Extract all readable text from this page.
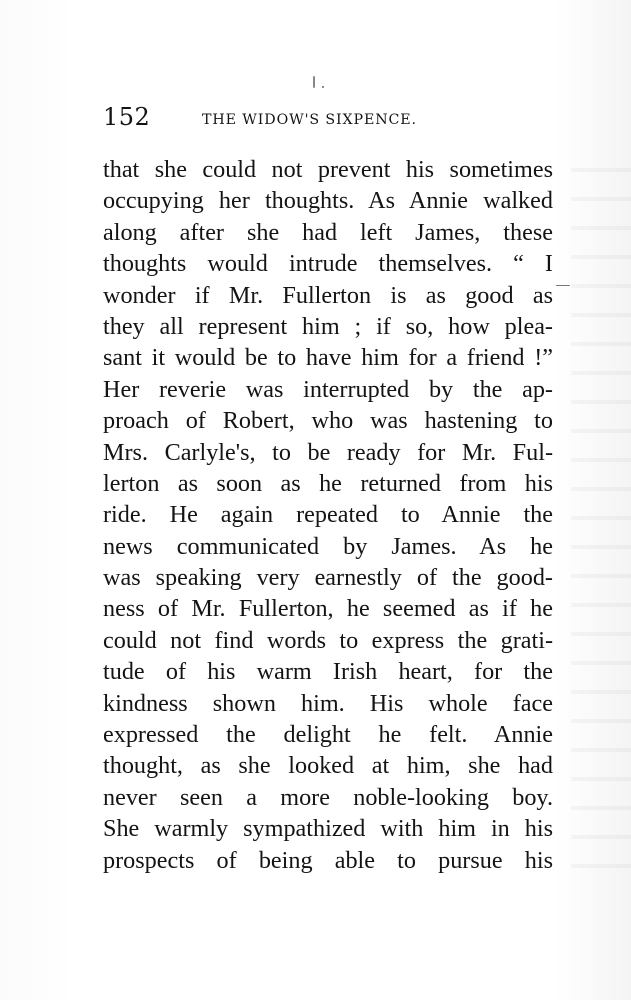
152	THE WIDOW'S SIXPENCE.
that she could not prevent his sometimes
occupying her thoughts. As Annie walked
along after she had left James, these
thoughts would intrude themselves. “ I
wonder if Mr. Fullerton is as good as
they all represent him ; if so, how plea-
sant it would be to have him for a friend !”
Her reverie was interrupted by the ap-
proach of Robert, who was hastening to
Mrs. Carlyle's, to be ready for Mr. Ful-
lerton as soon as he returned from his
ride. He again repeated to Annie the
news communicated by James. As he
was speaking very earnestly of the good-
ness of Mr. Fullerton, he seemed as if he
could not find words to express the grati-
tude of his warm Irish heart, for the
kindness shown him. His whole face
expressed the delight he felt. Annie
thought, as she looked at him, she had
never seen a more noble-looking boy.
She warmly sympathized with him in his
prospects of being able to pursue his
